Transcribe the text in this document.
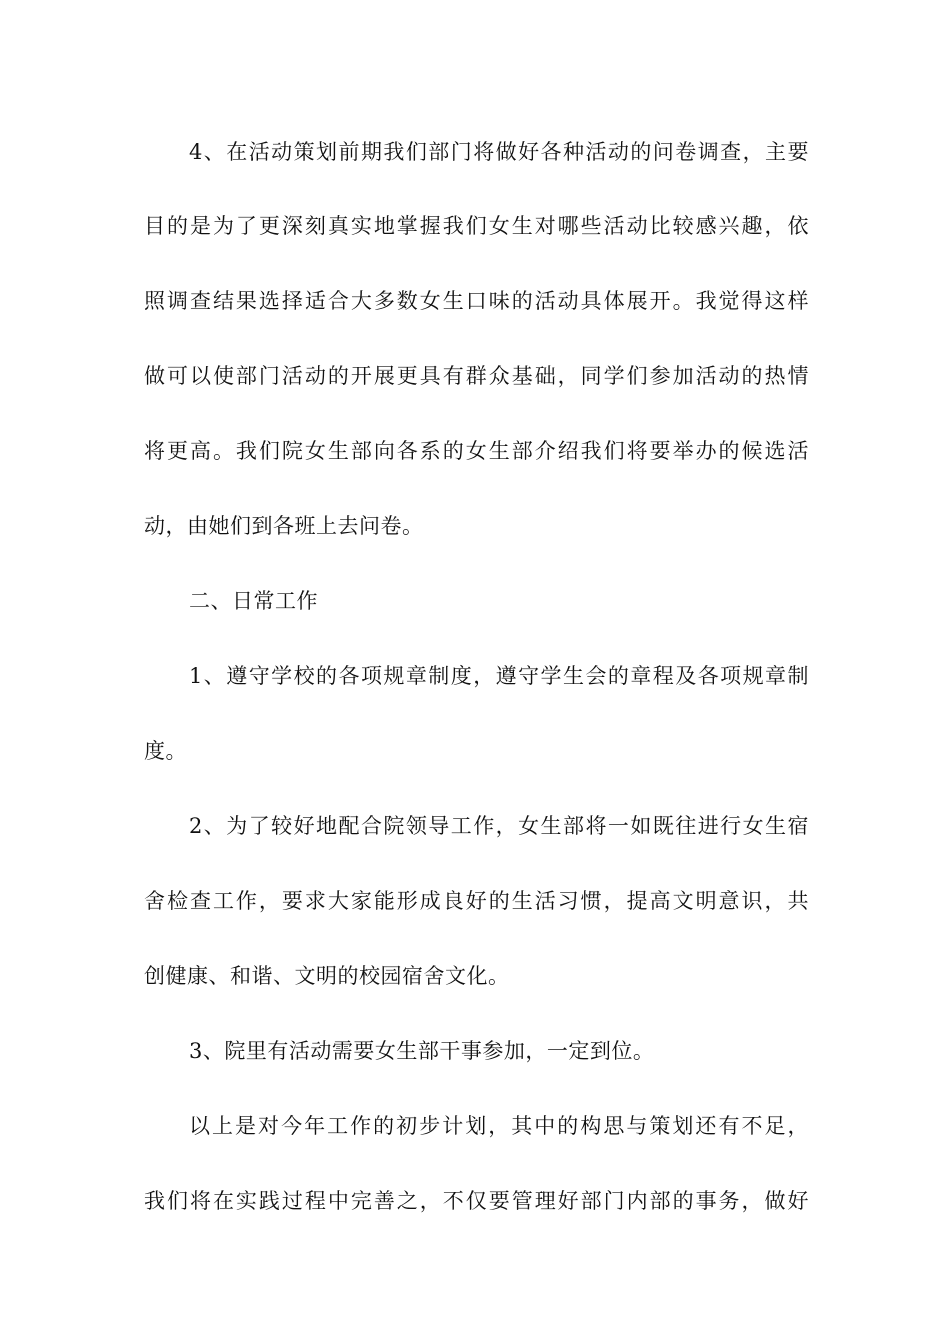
4、在活动策划前期我们部门将做好各种活动的问卷调查，主要
目的是为了更深刻真实地掌握我们女生对哪些活动比较感兴趣，依
照调查结果选择适合大多数女生口味的活动具体展开。我觉得这样
做可以使部门活动的开展更具有群众基础，同学们参加活动的热情
将更高。我们院女生部向各系的女生部介绍我们将要举办的候选活
动，由她们到各班上去问卷。
二、日常工作
1、遵守学校的各项规章制度，遵守学生会的章程及各项规章制
度。
2、为了较好地配合院领导工作，女生部将一如既往进行女生宿
舍检查工作，要求大家能形成良好的生活习惯，提高文明意识，共
创健康、和谐、文明的校园宿舍文化。
3、院里有活动需要女生部干事参加，一定到位。
以上是对今年工作的初步计划，其中的构思与策划还有不足，
我们将在实践过程中完善之，不仅要管理好部门内部的事务，做好
